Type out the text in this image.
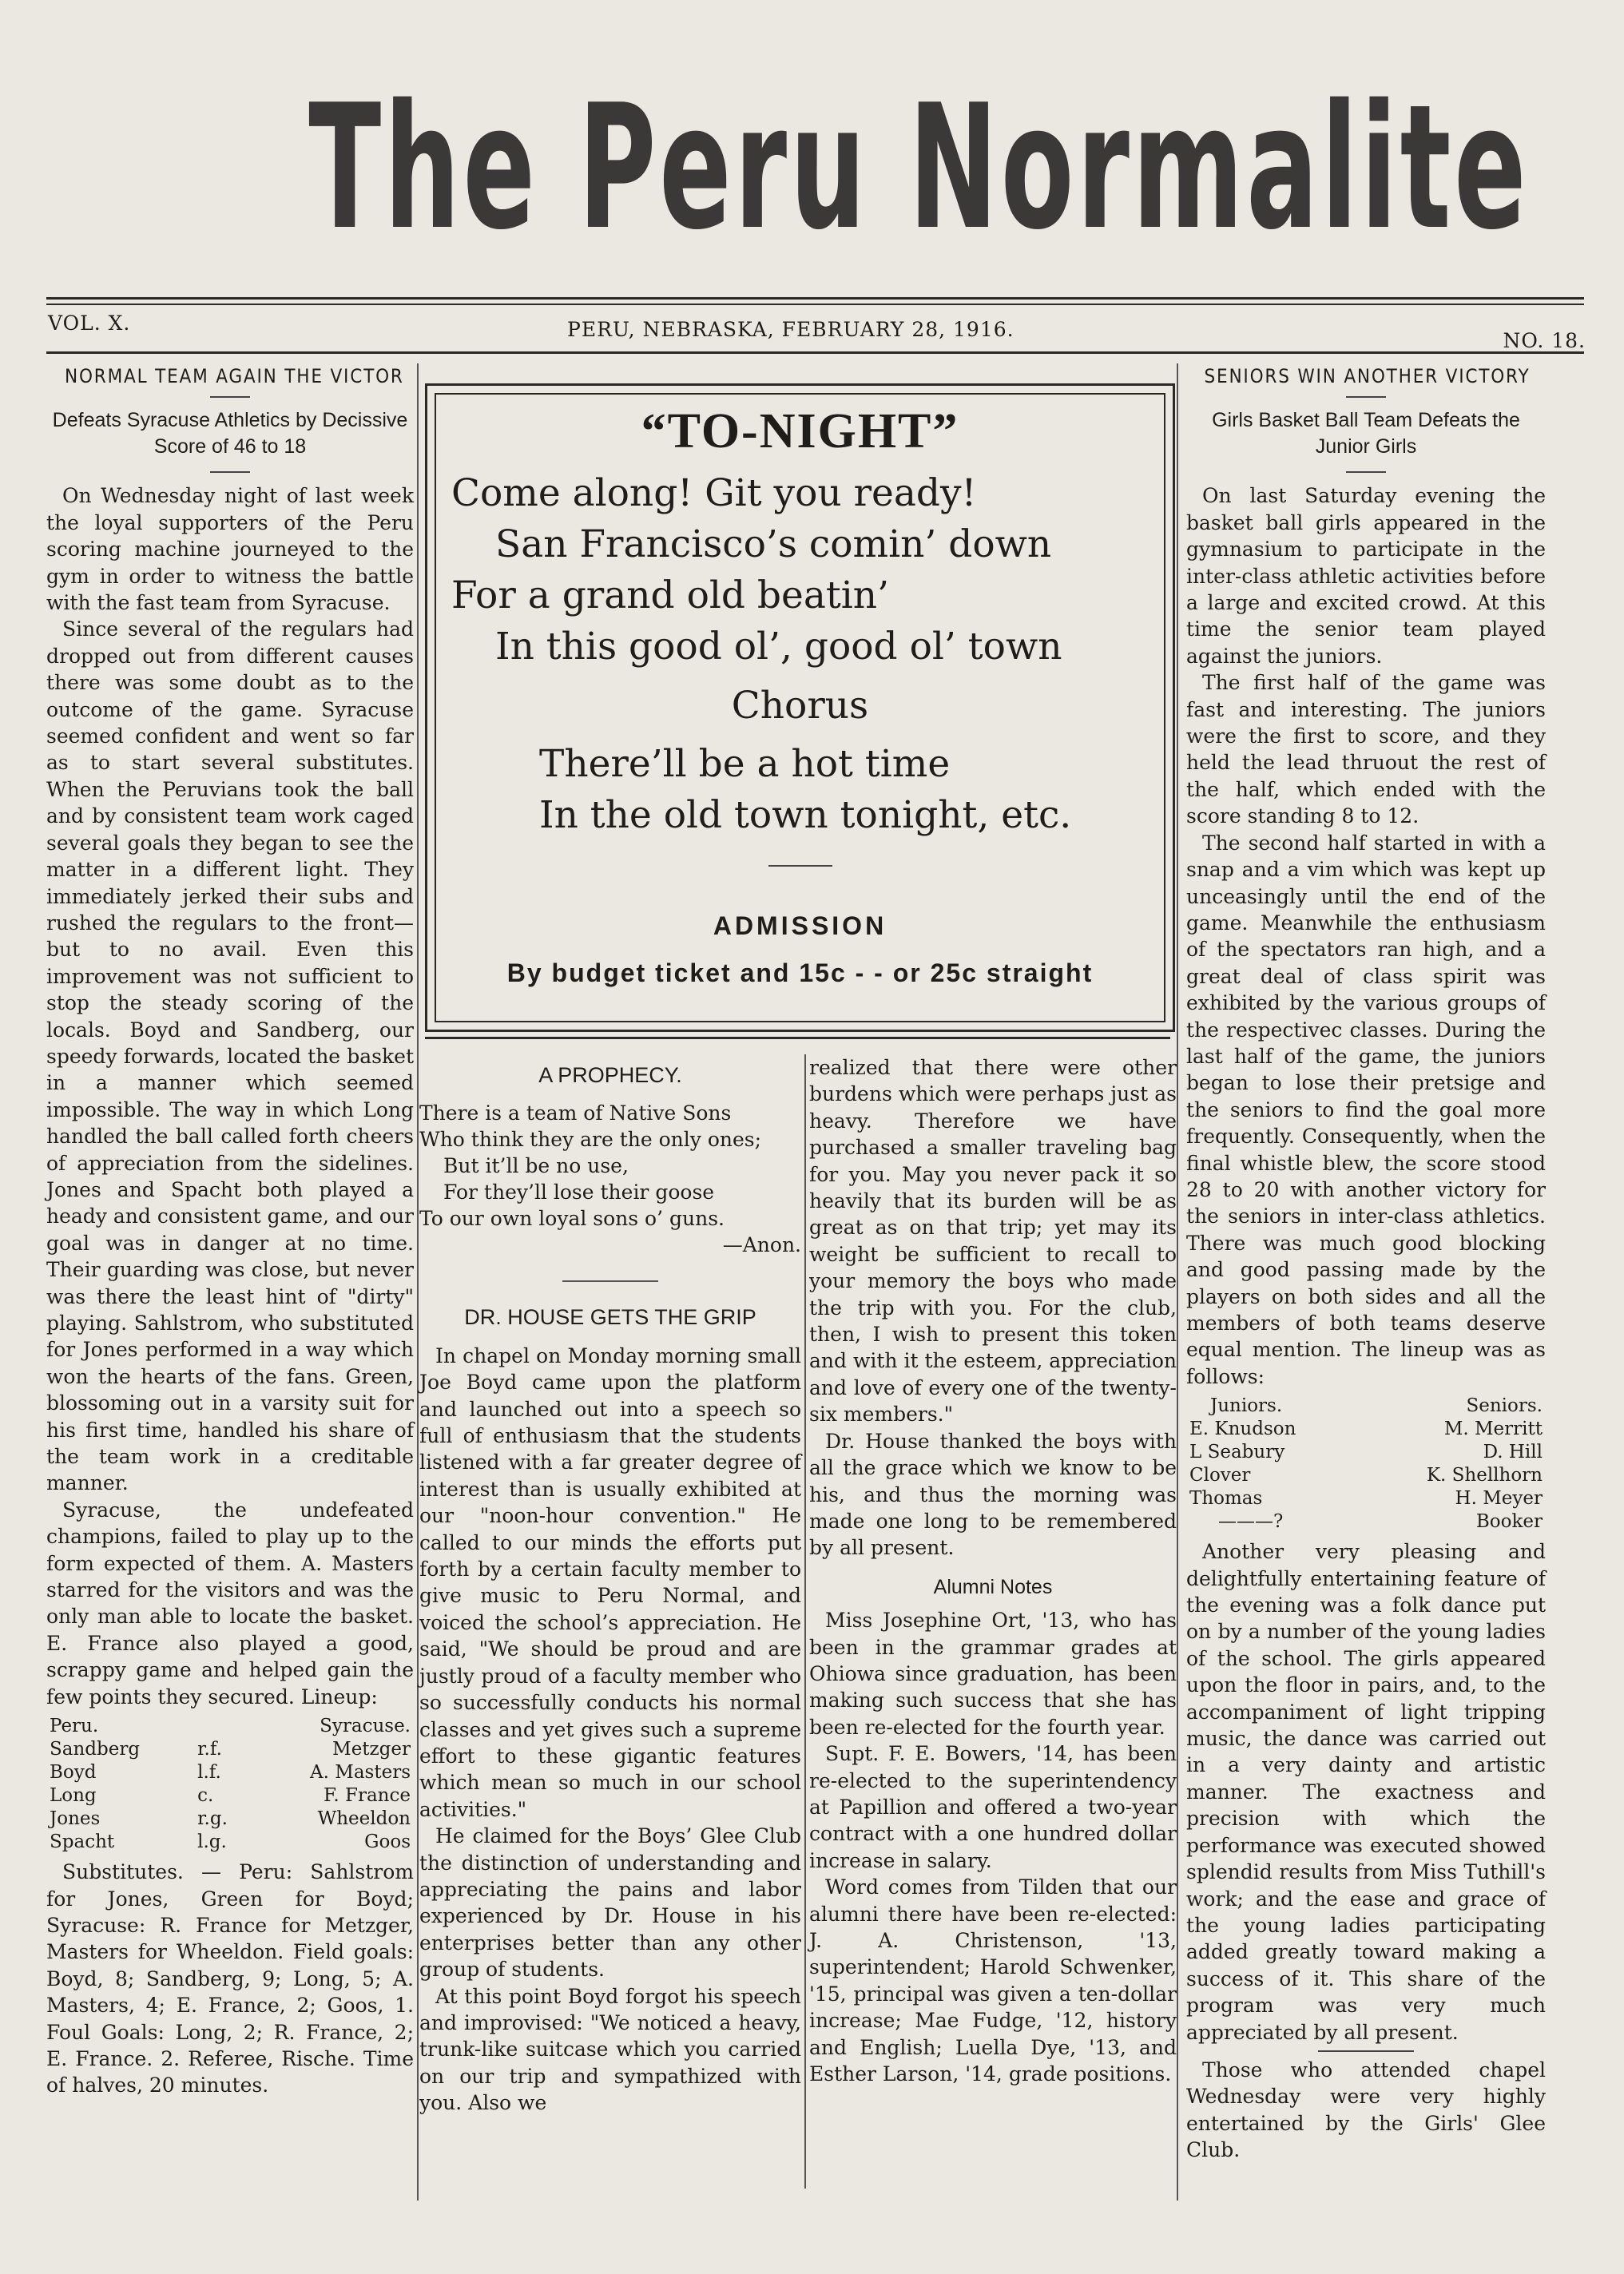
The Peru Normalite
VOL. X.	PERU, NEBRASKA, FEBRUARY 28, 1916.	NO. 18.
NORMAL TEAM AGAIN THE VICTOR
Defeats Syracuse Athletics by Decissive Score of 46 to 18

On Wednesday night of last week the loyal supporters of the Peru scoring machine journeyed to the gym in order to witness the battle with the fast team from Syracuse.

Since several of the regulars had dropped out from different causes there was some doubt as to the outcome of the game. Syracuse seemed confident and went so far as to start several substitutes. When the Peruvians took the ball and by consistent team work caged several goals they began to see the matter in a different light. They immediately jerked their subs and rushed the regulars to the front—but to no avail. Even this improvement was not sufficient to stop the steady scoring of the locals. Boyd and Sandberg, our speedy forwards, located the basket in a manner which seemed impossible. The way in which Long handled the ball called forth cheers of appreciation from the sidelines. Jones and Spacht both played a heady and consistent game, and our goal was in danger at no time. Their guarding was close, but never was there the least hint of "dirty" playing. Sahlstrom, who substituted for Jones performed in a way which won the hearts of the fans. Green, blossoming out in a varsity suit for his first time, handled his share of the team work in a creditable manner.

Syracuse, the undefeated champions, failed to play up to the form expected of them. A. Masters starred for the visitors and was the only man able to locate the basket. E. France also played a good, scrappy game and helped gain the few points they secured. Lineup:

Peru.		Syracuse.
Sandberg	r.f.	Metzger
Boyd	l.f.	A. Masters
Long	c.	F. France
Jones	r.g.	Wheeldon
Spacht	l.g.	Goos

Substitutes. — Peru: Sahlstrom for Jones, Green for Boyd; Syracuse: R. France for Metzger, Masters for Wheeldon. Field goals: Boyd, 8; Sandberg, 9; Long, 5; A. Masters, 4; E. France, 2; Goos, 1. Foul Goals: Long, 2; R. France, 2; E. France. 2. Referee, Rische. Time of halves, 20 minutes.

“TO-NIGHT”
Come along! Git you ready!
San Francisco’s comin’ down
For a grand old beatin’
In this good ol’, good ol’ town
Chorus
There’ll be a hot time
In the old town tonight, etc.
ADMISSION
By budget ticket and 15c - - or 25c straight
A PROPHECY.
There is a team of Native Sons
Who think they are the only ones;
But it’ll be no use,
For they’ll lose their goose
To our own loyal sons o’ guns.
—Anon.
DR. HOUSE GETS THE GRIP

In chapel on Monday morning small Joe Boyd came upon the platform and launched out into a speech so full of enthusiasm that the students listened with a far greater degree of interest than is usually exhibited at our "noon-hour convention." He called to our minds the efforts put forth by a certain faculty member to give music to Peru Normal, and voiced the school’s appreciation. He said, "We should be proud and are justly proud of a faculty member who so successfully conducts his normal classes and yet gives such a supreme effort to these gigantic features which mean so much in our school activities."

He claimed for the Boys’ Glee Club the distinction of understanding and appreciating the pains and labor experienced by Dr. House in his enterprises better than any other group of students.

At this point Boyd forgot his speech and improvised: "We noticed a heavy, trunk-like suitcase which you carried on our trip and sympathized with you. Also we

realized that there were other burdens which were perhaps just as heavy. Therefore we have purchased a smaller traveling bag for you. May you never pack it so heavily that its burden will be as great as on that trip; yet may its weight be sufficient to recall to your memory the boys who made the trip with you. For the club, then, I wish to present this token and with it the esteem, appreciation and love of every one of the twenty-six members."

Dr. House thanked the boys with all the grace which we know to be his, and thus the morning was made one long to be remembered by all present.

Alumni Notes

Miss Josephine Ort, '13, who has been in the grammar grades at Ohiowa since graduation, has been making such success that she has been re-elected for the fourth year.

Supt. F. E. Bowers, '14, has been re-elected to the superintendency at Papillion and offered a two-year contract with a one hundred dollar increase in salary.

Word comes from Tilden that our alumni there have been re-elected: J. A. Christenson, '13, superintendent; Harold Schwenker, '15, principal was given a ten-dollar increase; Mae Fudge, '12, history and English; Luella Dye, '13, and Esther Larson, '14, grade positions.

SENIORS WIN ANOTHER VICTORY
Girls Basket Ball Team Defeats the Junior Girls

On last Saturday evening the basket ball girls appeared in the gymnasium to participate in the inter-class athletic activities before a large and excited crowd. At this time the senior team played against the juniors.

The first half of the game was fast and interesting. The juniors were the first to score, and they held the lead thruout the rest of the half, which ended with the score standing 8 to 12.

The second half started in with a snap and a vim which was kept up unceasingly until the end of the game. Meanwhile the enthusiasm of the spectators ran high, and a great deal of class spirit was exhibited by the various groups of the respectivec classes. During the last half of the game, the juniors began to lose their pretsige and the seniors to find the goal more frequently. Consequently, when the final whistle blew, the score stood 28 to 20 with another victory for the seniors in inter-class athletics. There was much good blocking and good passing made by the players on both sides and all the members of both teams deserve equal mention. The lineup was as follows:

Juniors.	Seniors.
E. Knudson	M. Merritt
L Seabury	D. Hill
Clover	K. Shellhorn
Thomas	H. Meyer
———?	Booker

Another very pleasing and delightfully entertaining feature of the evening was a folk dance put on by a number of the young ladies of the school. The girls appeared upon the floor in pairs, and, to the accompaniment of light tripping music, the dance was carried out in a very dainty and artistic manner. The exactness and precision with which the performance was executed showed splendid results from Miss Tuthill's work; and the ease and grace of the young ladies participating added greatly toward making a success of it. This share of the program was very much appreciated by all present.

Those who attended chapel Wednesday were very highly entertained by the Girls' Glee Club.
